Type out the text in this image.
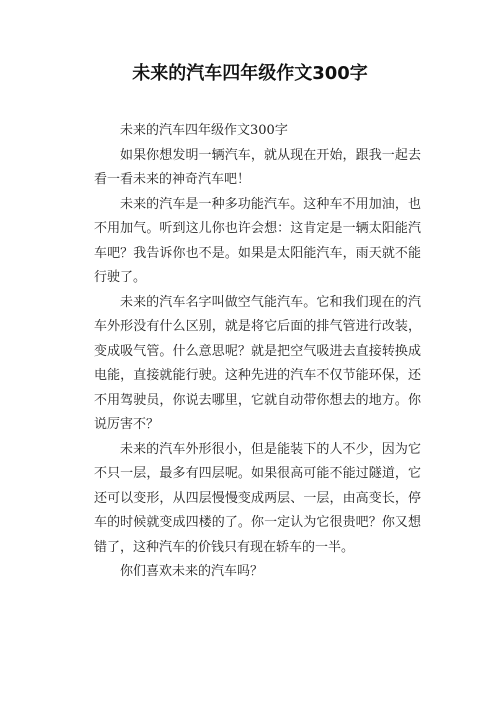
未来的汽车四年级作文300字

未来的汽车四年级作文300字

如果你想发明一辆汽车，就从现在开始，跟我一起去看一看未来的神奇汽车吧！

未来的汽车是一种多功能汽车。这种车不用加油，也不用加气。听到这儿你也许会想：这肯定是一辆太阳能汽车吧？我告诉你也不是。如果是太阳能汽车，雨天就不能行驶了。

未来的汽车名字叫做空气能汽车。它和我们现在的汽车外形没有什么区别，就是将它后面的排气管进行改装，变成吸气管。什么意思呢？就是把空气吸进去直接转换成电能，直接就能行驶。这种先进的汽车不仅节能环保，还不用驾驶员，你说去哪里，它就自动带你想去的地方。你说厉害不？

未来的汽车外形很小，但是能装下的人不少，因为它不只一层，最多有四层呢。如果很高可能不能过隧道，它还可以变形，从四层慢慢变成两层、一层，由高变长，停车的时候就变成四楼的了。你一定认为它很贵吧？你又想错了，这种汽车的价钱只有现在轿车的一半。

你们喜欢未来的汽车吗？
